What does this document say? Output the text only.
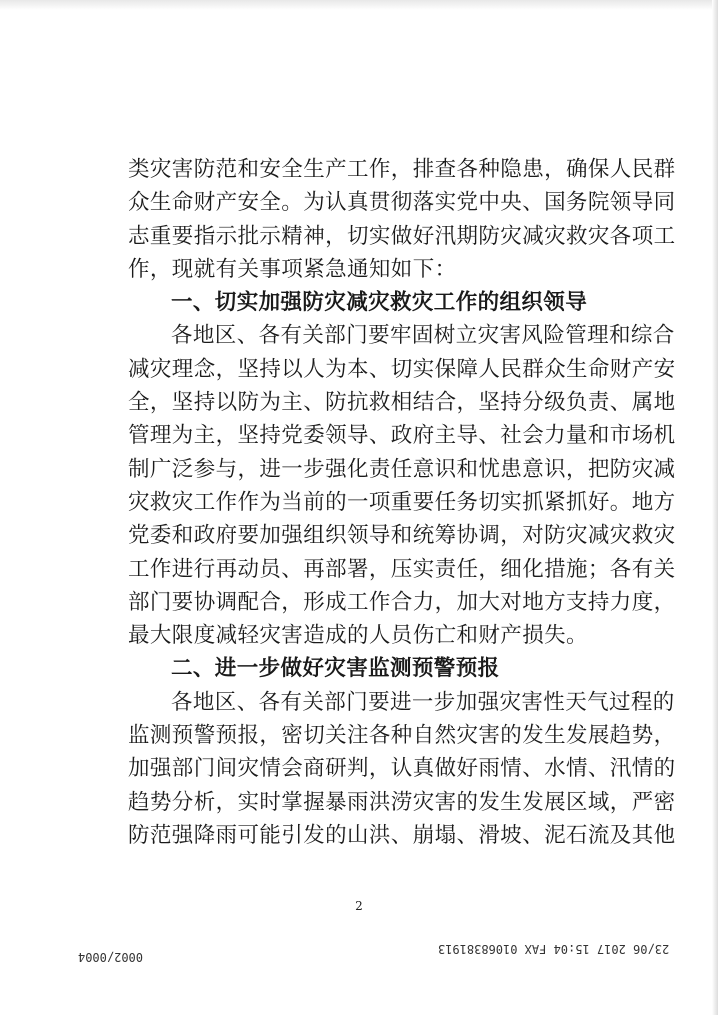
类灾害防范和安全生产工作，排查各种隐患，确保人民群
众生命财产安全。为认真贯彻落实党中央、国务院领导同
志重要指示批示精神，切实做好汛期防灾减灾救灾各项工
作，现就有关事项紧急通知如下：
一、切实加强防灾减灾救灾工作的组织领导
各地区、各有关部门要牢固树立灾害风险管理和综合
减灾理念，坚持以人为本、切实保障人民群众生命财产安
全，坚持以防为主、防抗救相结合，坚持分级负责、属地
管理为主，坚持党委领导、政府主导、社会力量和市场机
制广泛参与，进一步强化责任意识和忧患意识，把防灾减
灾救灾工作作为当前的一项重要任务切实抓紧抓好。地方
党委和政府要加强组织领导和统筹协调，对防灾减灾救灾
工作进行再动员、再部署，压实责任，细化措施；各有关
部门要协调配合，形成工作合力，加大对地方支持力度，
最大限度减轻灾害造成的人员伤亡和财产损失。
二、进一步做好灾害监测预警预报
各地区、各有关部门要进一步加强灾害性天气过程的
监测预警预报，密切关注各种自然灾害的发生发展趋势，
加强部门间灾情会商研判，认真做好雨情、水情、汛情的
趋势分析，实时掌握暴雨洪涝灾害的发生发展区域，严密
防范强降雨可能引发的山洪、崩塌、滑坡、泥石流及其他
2
0002/0004
23/06 2017 15:04 FAX 01068381913
